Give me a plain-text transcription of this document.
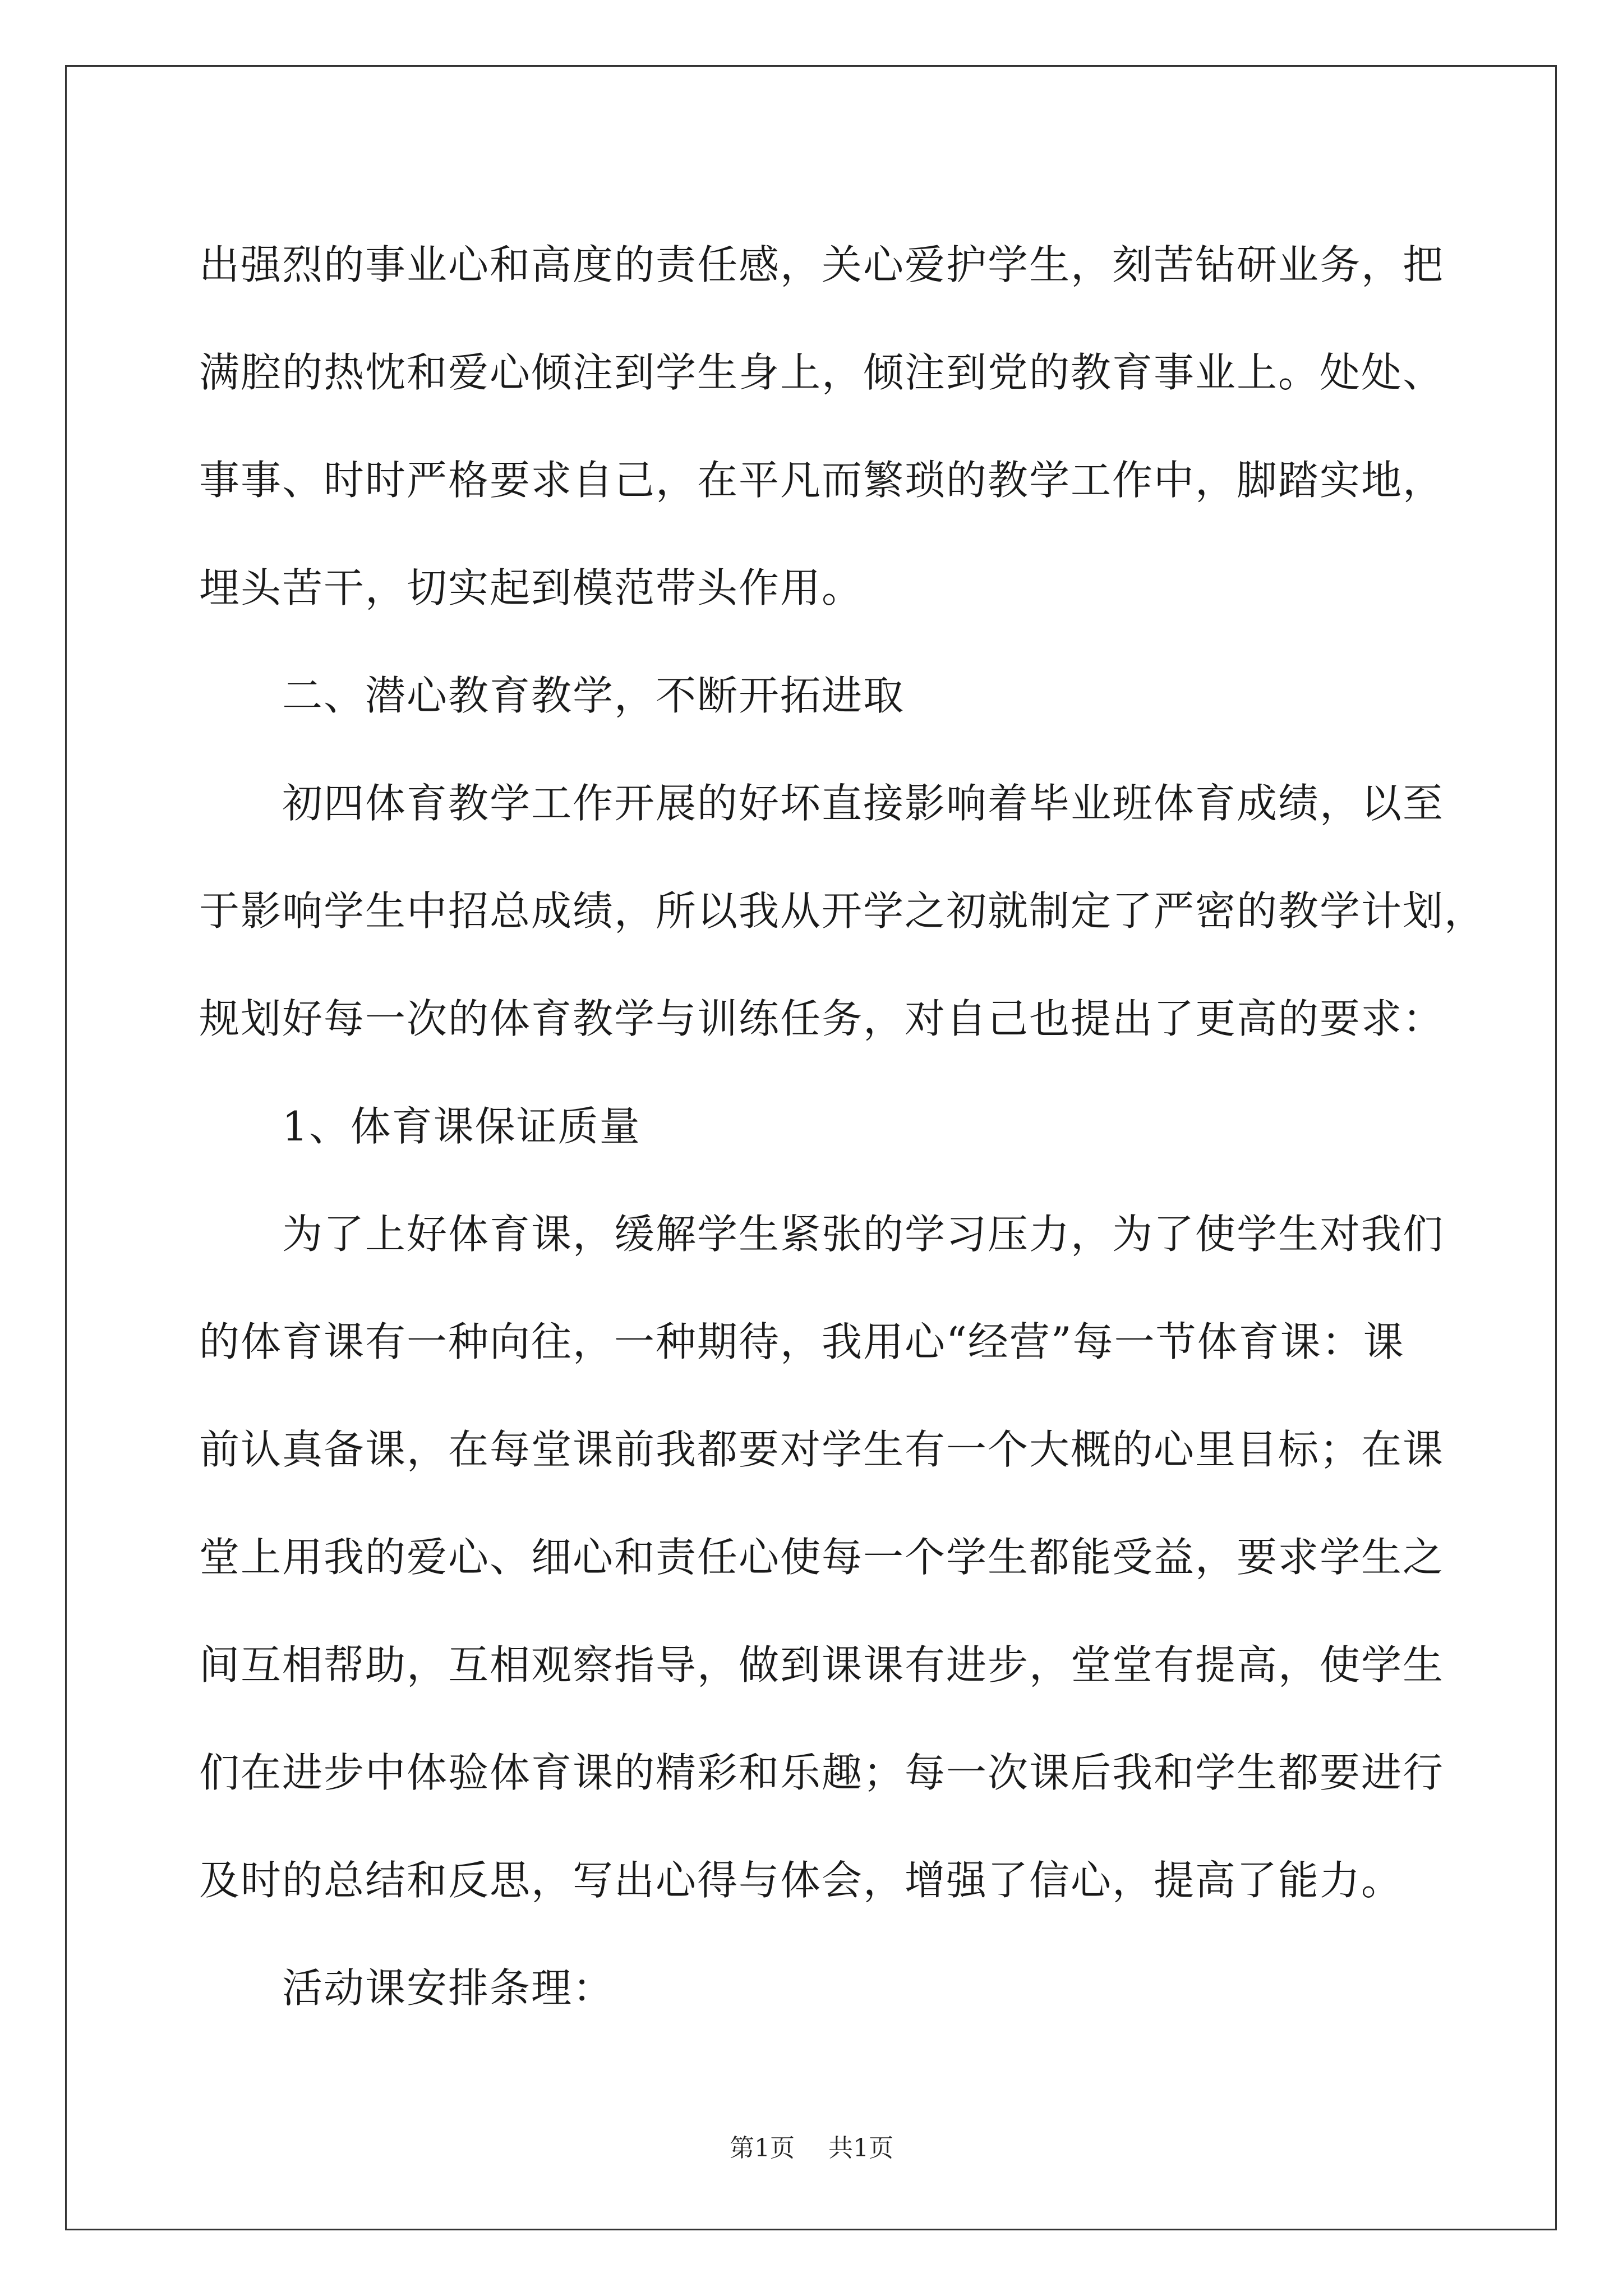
出强烈的事业心和高度的责任感，关心爱护学生，刻苦钻研业务，把
满腔的热忱和爱心倾注到学生身上，倾注到党的教育事业上。处处、
事事、时时严格要求自己，在平凡而繁琐的教学工作中，脚踏实地，
埋头苦干，切实起到模范带头作用。
二、潜心教育教学，不断开拓进取
初四体育教学工作开展的好坏直接影响着毕业班体育成绩，以至
于影响学生中招总成绩，所以我从开学之初就制定了严密的教学计划，
规划好每一次的体育教学与训练任务，对自己也提出了更高的要求：
1、体育课保证质量
为了上好体育课，缓解学生紧张的学习压力，为了使学生对我们
的体育课有一种向往，一种期待，我用心“经营”每一节体育课：课
前认真备课，在每堂课前我都要对学生有一个大概的心里目标；在课
堂上用我的爱心、细心和责任心使每一个学生都能受益，要求学生之
间互相帮助，互相观察指导，做到课课有进步，堂堂有提高，使学生
们在进步中体验体育课的精彩和乐趣；每一次课后我和学生都要进行
及时的总结和反思，写出心得与体会，增强了信心，提高了能力。
活动课安排条理：
第1页 共1页
